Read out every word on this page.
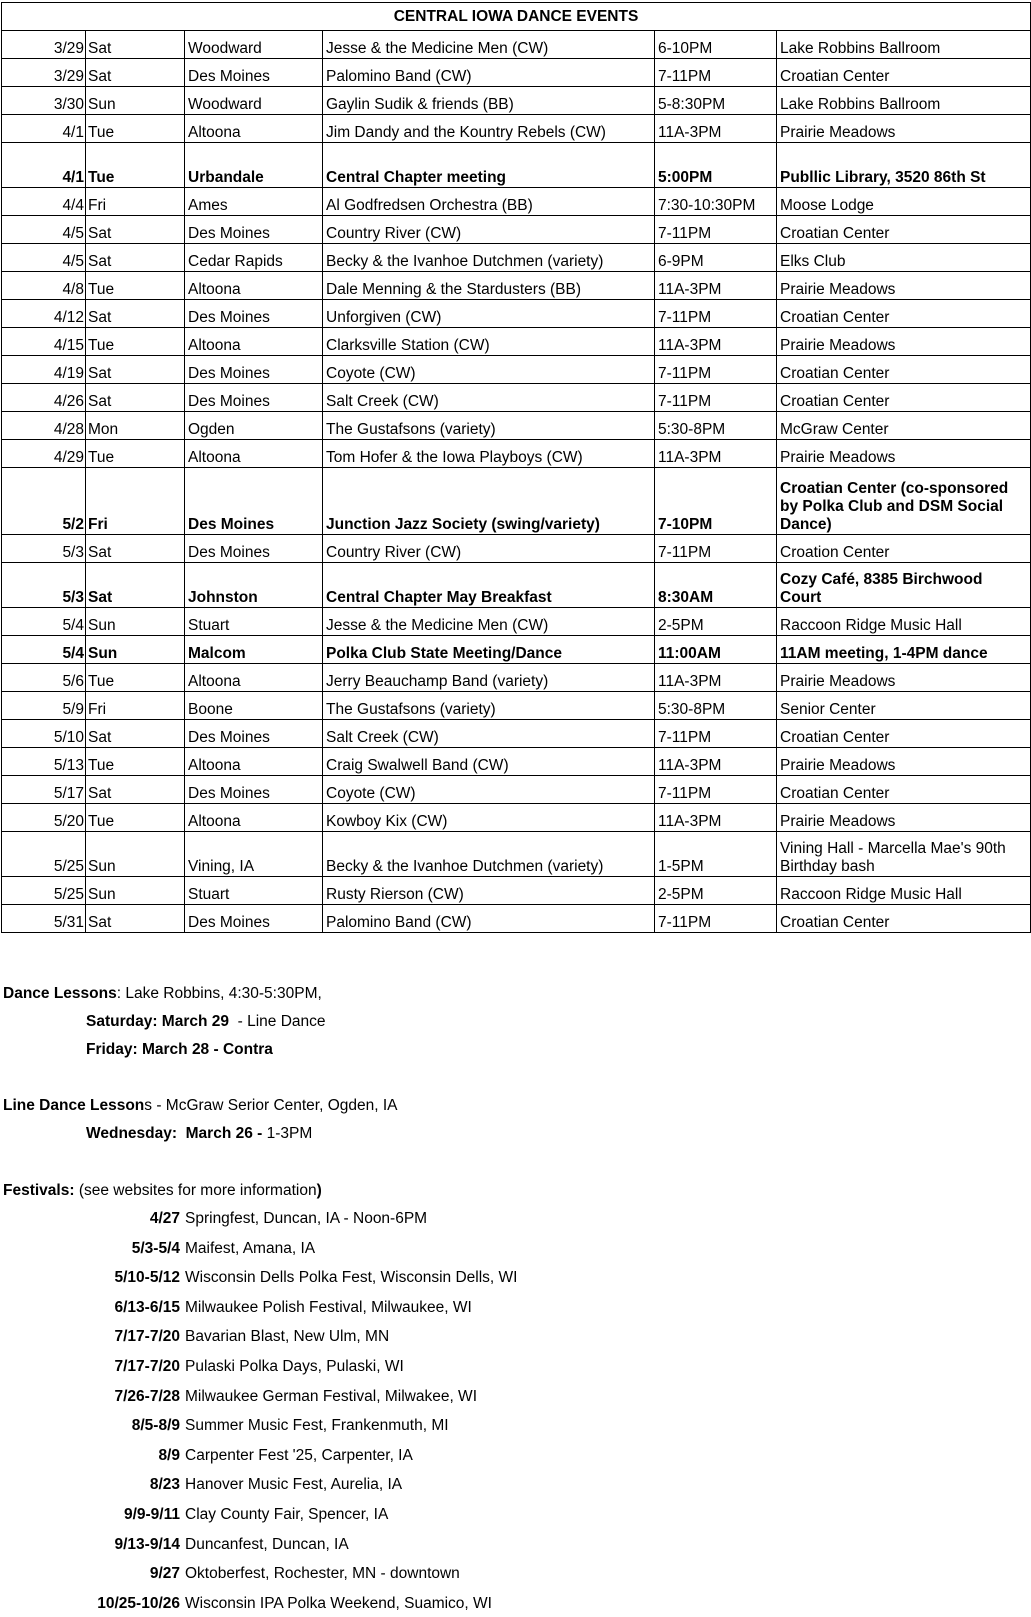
CENTRAL IOWA DANCE EVENTS					
3/29	Sat	Woodward	Jesse & the Medicine Men (CW)	6-10PM	Lake Robbins Ballroom
3/29	Sat	Des Moines	Palomino Band (CW)	7-11PM	Croatian Center
3/30	Sun	Woodward	Gaylin Sudik & friends (BB)	5-8:30PM	Lake Robbins Ballroom
4/1	Tue	Altoona	Jim Dandy and the Kountry Rebels (CW)	11A-3PM	Prairie Meadows
4/1	Tue	Urbandale	Central Chapter meeting	5:00PM	Publlic Library, 3520 86th St
4/4	Fri	Ames	Al Godfredsen Orchestra (BB)	7:30-10:30PM	Moose Lodge
4/5	Sat	Des Moines	Country River (CW)	7-11PM	Croatian Center
4/5	Sat	Cedar Rapids	Becky & the Ivanhoe Dutchmen (variety)	6-9PM	Elks Club
4/8	Tue	Altoona	Dale Menning & the Stardusters (BB)	11A-3PM	Prairie Meadows
4/12	Sat	Des Moines	Unforgiven (CW)	7-11PM	Croatian Center
4/15	Tue	Altoona	Clarksville Station (CW)	11A-3PM	Prairie Meadows
4/19	Sat	Des Moines	Coyote (CW)	7-11PM	Croatian Center
4/26	Sat	Des Moines	Salt Creek (CW)	7-11PM	Croatian Center
4/28	Mon	Ogden	The Gustafsons (variety)	5:30-8PM	McGraw Center
4/29	Tue	Altoona	Tom Hofer & the Iowa Playboys (CW)	11A-3PM	Prairie Meadows
5/2	Fri	Des Moines	Junction Jazz Society (swing/variety)	7-10PM	Croatian Center (co-sponsored by Polka Club and DSM Social Dance)
5/3	Sat	Des Moines	Country River (CW)	7-11PM	Croation Center
5/3	Sat	Johnston	Central Chapter May Breakfast	8:30AM	Cozy Café, 8385 Birchwood Court
5/4	Sun	Stuart	Jesse & the Medicine Men (CW)	2-5PM	Raccoon Ridge Music Hall
5/4	Sun	Malcom	Polka Club State Meeting/Dance	11:00AM	11AM meeting, 1-4PM dance
5/6	Tue	Altoona	Jerry Beauchamp Band (variety)	11A-3PM	Prairie Meadows
5/9	Fri	Boone	The Gustafsons (variety)	5:30-8PM	Senior Center
5/10	Sat	Des Moines	Salt Creek (CW)	7-11PM	Croatian Center
5/13	Tue	Altoona	Craig Swalwell Band (CW)	11A-3PM	Prairie Meadows
5/17	Sat	Des Moines	Coyote (CW)	7-11PM	Croatian Center
5/20	Tue	Altoona	Kowboy Kix (CW)	11A-3PM	Prairie Meadows
5/25	Sun	Vining, IA	Becky & the Ivanhoe Dutchmen (variety)	1-5PM	Vining Hall - Marcella Mae's 90th Birthday bash
5/25	Sun	Stuart	Rusty Rierson (CW)	2-5PM	Raccoon Ridge Music Hall
5/31	Sat	Des Moines	Palomino Band (CW)	7-11PM	Croatian Center
Dance Lessons: Lake Robbins, 4:30-5:30PM,
Saturday: March 29  - Line Dance
Friday: March 28 - Contra
Line Dance Lessons - McGraw Serior Center, Ogden, IA
Wednesday:  March 26 - 1-3PM
Festivals: (see websites for more information)
4/27 Springfest, Duncan, IA - Noon-6PM
5/3-5/4 Maifest, Amana, IA
5/10-5/12 Wisconsin Dells Polka Fest, Wisconsin Dells, WI
6/13-6/15 Milwaukee Polish Festival, Milwaukee, WI
7/17-7/20 Bavarian Blast, New Ulm, MN
7/17-7/20 Pulaski Polka Days, Pulaski, WI
7/26-7/28 Milwaukee German Festival, Milwakee, WI
8/5-8/9 Summer Music Fest, Frankenmuth, MI
8/9 Carpenter Fest '25, Carpenter, IA
8/23 Hanover Music Fest, Aurelia, IA
9/9-9/11 Clay County Fair, Spencer, IA
9/13-9/14 Duncanfest, Duncan, IA
9/27 Oktoberfest, Rochester, MN - downtown
10/25-10/26 Wisconsin IPA Polka Weekend, Suamico, WI
